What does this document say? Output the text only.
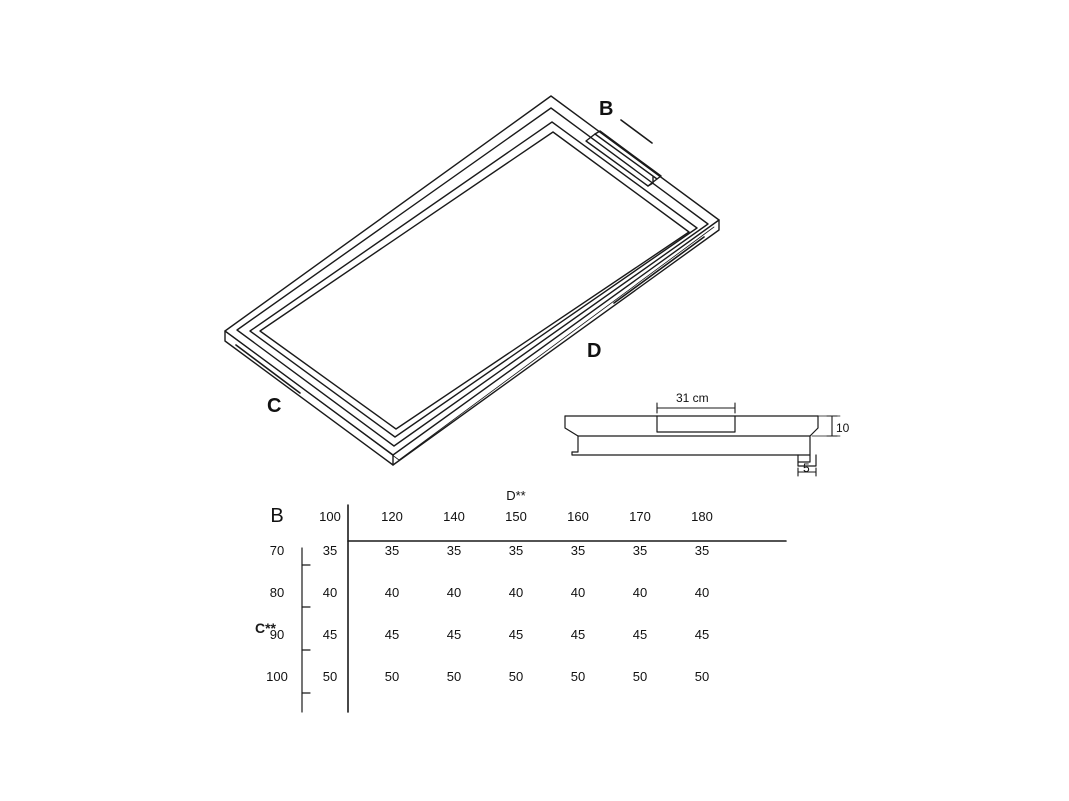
B
D
C	31 cm
10
5
C**
	D**						
B	100	120	140	150	160	170	180
70	35	35	35	35	35	35	35
80	40	40	40	40	40	40	40
90	45	45	45	45	45	45	45
100	50	50	50	50	50	50	50
